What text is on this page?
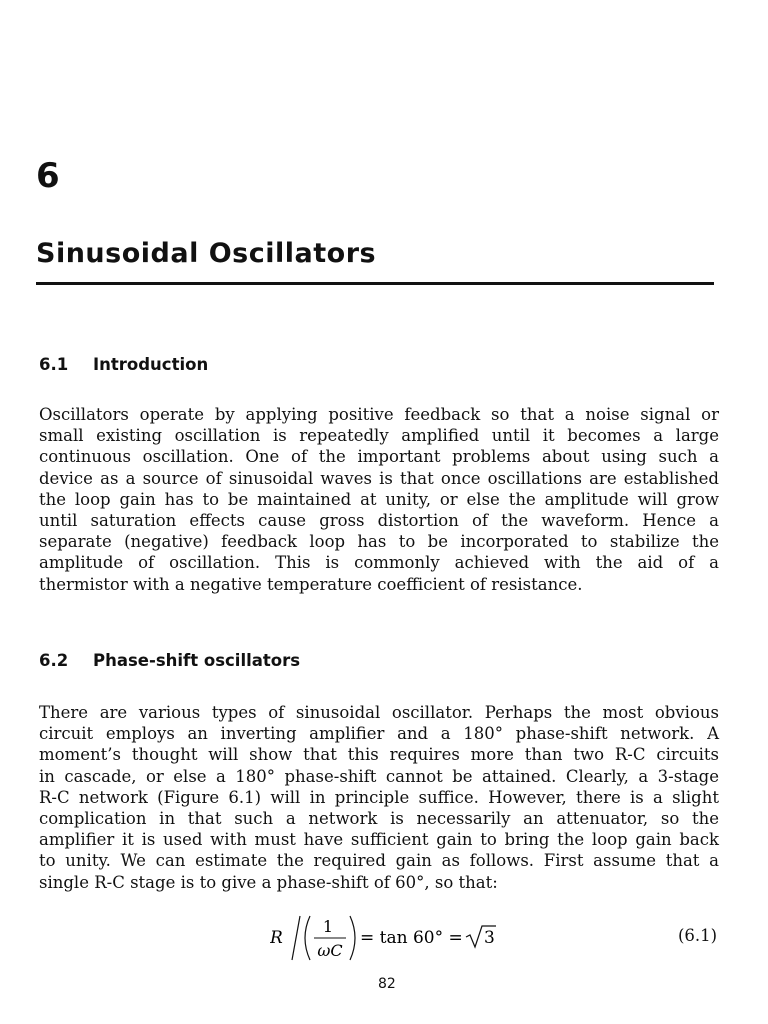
6
Sinusoidal Oscillators
6.1 Introduction

Oscillators operate by applying positive feedback so that a noise signal or
small existing oscillation is repeatedly amplified until it becomes a large
continuous oscillation. One of the important problems about using such a
device as a source of sinusoidal waves is that once oscillations are established
the loop gain has to be maintained at unity, or else the amplitude will grow
until saturation effects cause gross distortion of the waveform. Hence a
separate (negative) feedback loop has to be incorporated to stabilize the
amplitude of oscillation. This is commonly achieved with the aid of a
thermistor with a negative temperature coefficient of resistance.

6.2 Phase-shift oscillators

There are various types of sinusoidal oscillator. Perhaps the most obvious
circuit employs an inverting amplifier and a 180° phase-shift network. A
moment’s thought will show that this requires more than two R-C circuits
in cascade, or else a 180° phase-shift cannot be attained. Clearly, a 3-stage
R-C network (Figure 6.1) will in principle suffice. However, there is a slight
complication in that such a network is necessarily an attenuator, so the
amplifier it is used with must have sufficient gain to bring the loop gain back
to unity. We can estimate the required gain as follows. First assume that a
single R-C stage is to give a phase-shift of 60°, so that:

R
1
ωC
= tan 60° = 3	(6.1)
82
